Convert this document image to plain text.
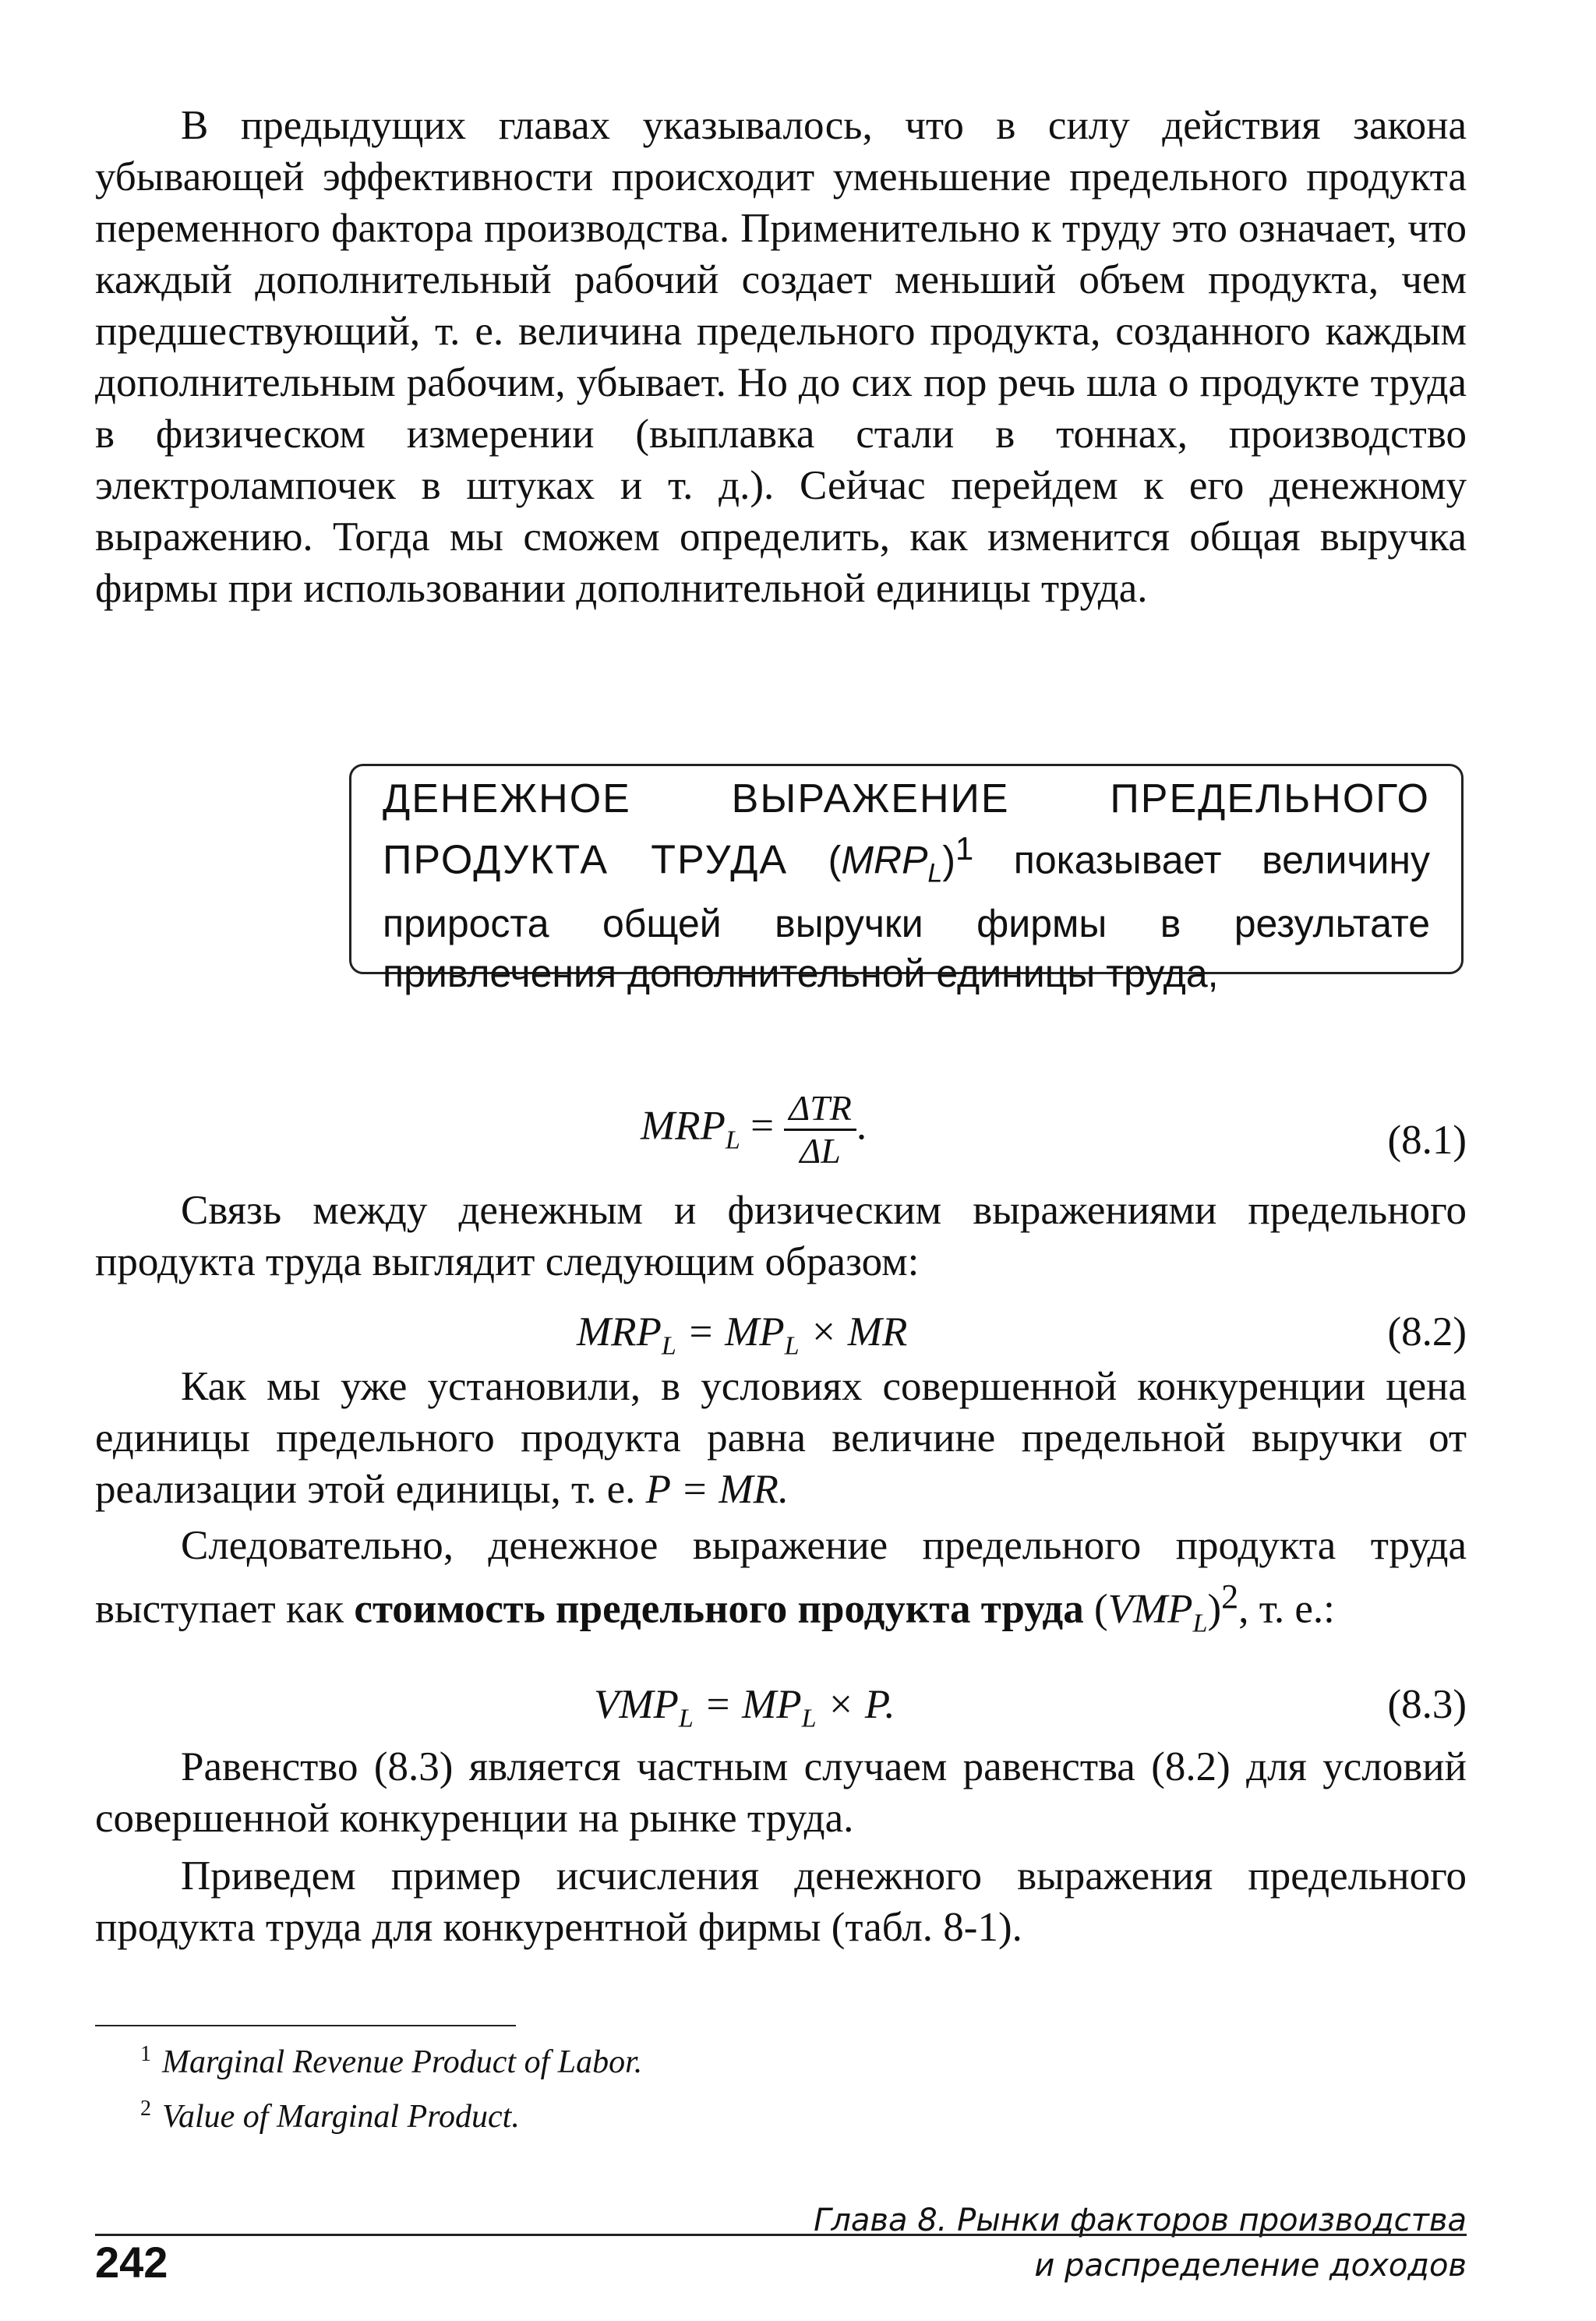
В предыдущих главах указывалось, что в силу действия закона убывающей эффективности происходит уменьшение предельного продукта переменного фактора производства. Применительно к труду это означает, что каждый дополнительный рабочий создает меньший объем продукта, чем предшествующий, т. е. величина предельного продукта, созданного каждым дополнительным рабочим, убывает. Но до сих пор речь шла о продукте труда в физическом измерении (выплавка стали в тоннах, производство электролампочек в штуках и т. д.). Сейчас перейдем к его денежному выражению. Тогда мы сможем определить, как изменится общая выручка фирмы при использовании дополнительной единицы труда.

ДЕНЕЖНОЕ ВЫРАЖЕНИЕ ПРЕДЕЛЬНОГО ПРОДУКТА ТРУДА $(MRP_L)^1$ показывает величину прироста общей выручки фирмы в результате привлечения дополнительной единицы труда,
$MRP_L = \frac{\text{ΔTR}}{\Delta L}$ .	(8.1)

Связь между денежным и физическим выражениями предельного продукта труда выглядит следующим образом:

$MRP_L = MP_L$ × MR	(8.2)

Как мы уже установили, в условиях совершенной конкуренции цена единицы предельного продукта равна величине предельной выручки от реализации этой единицы, т. е. P = MR.

Следовательно, денежное выражение предельного продукта труда выступает как стоимость предельного продукта труда $(VMP_L)^2$, т. е.:

$VMP_L = MP_L \times P$.	(8.3)

Равенство (8.3) является частным случаем равенства (8.2) для условий совершенной конкуренции на рынке труда.

Приведем пример исчисления денежного выражения предельного продукта труда для конкурентной фирмы (табл. 8-1).

$^1$ Marginal Revenue Product of Labor.
$^2$ Value of Marginal Product.
Глава 8. Рынки факторов производства
и распределение доходов
242
